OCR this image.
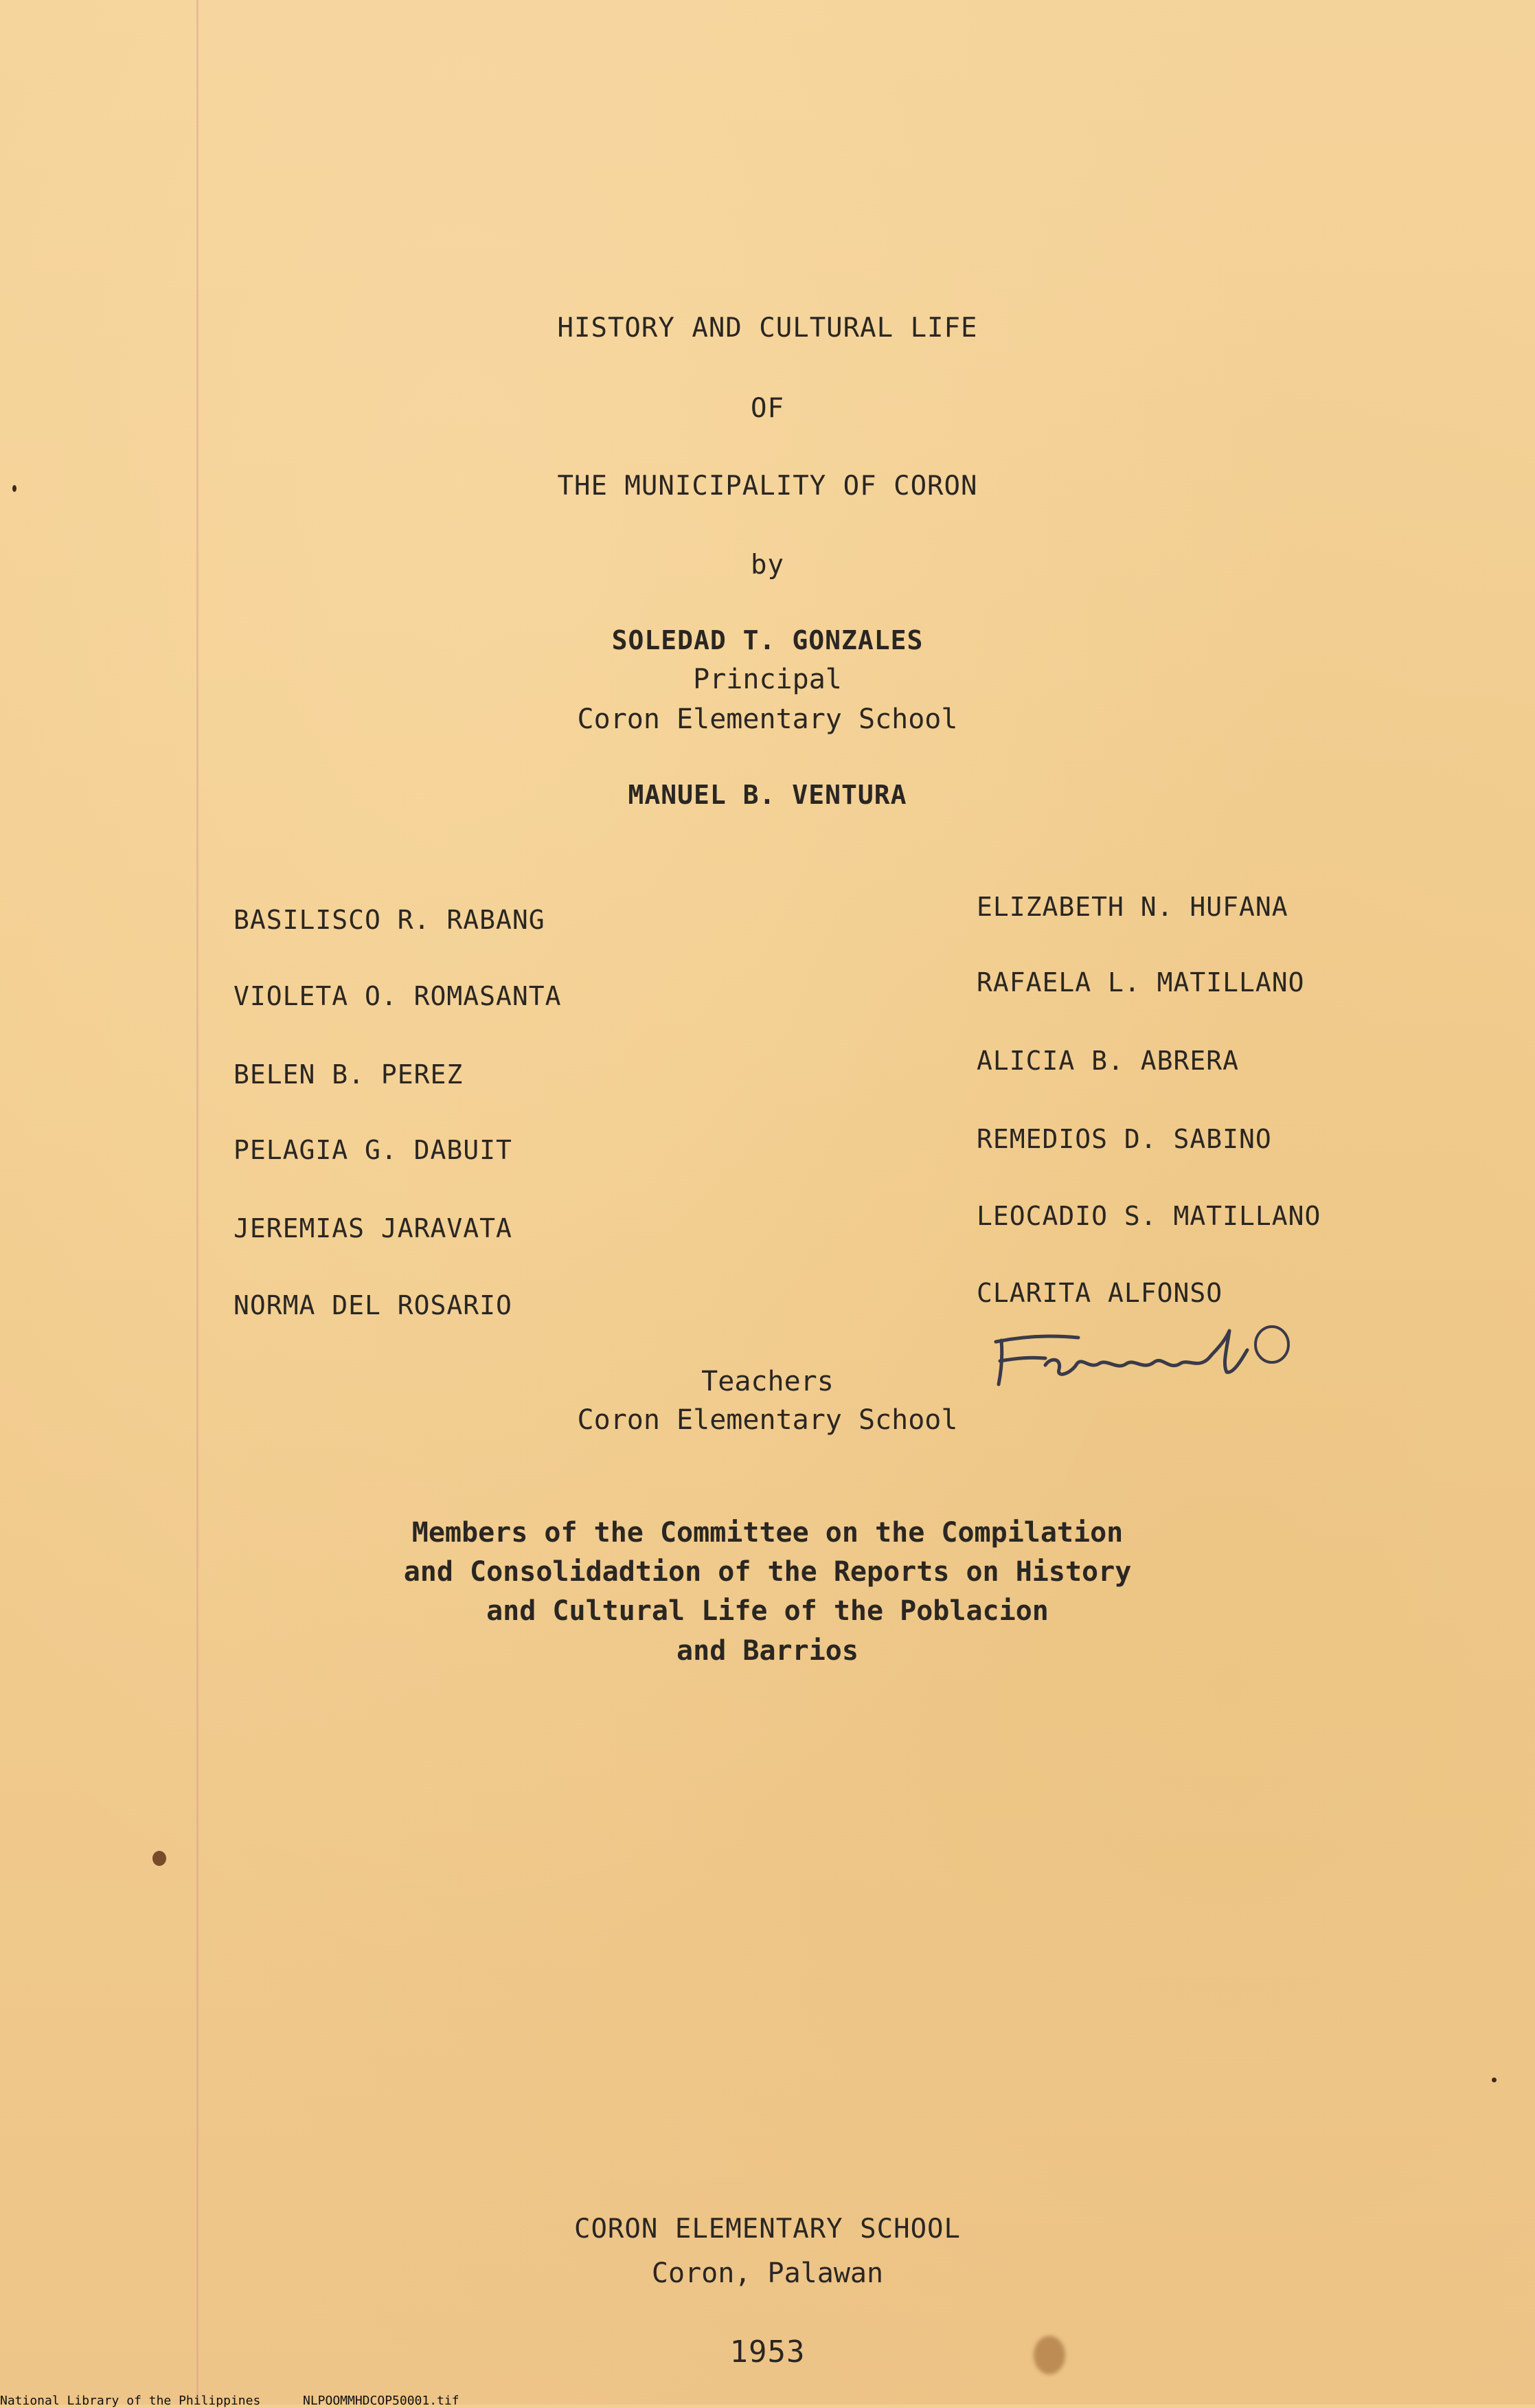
HISTORY AND CULTURAL LIFE
OF
THE MUNICIPALITY OF CORON
by
SOLEDAD T. GONZALES
Principal
Coron Elementary School
MANUEL B. VENTURA
BASILISCO R. RABANG
VIOLETA O. ROMASANTA
BELEN B. PEREZ
PELAGIA G. DABUIT
JEREMIAS JARAVATA
NORMA DEL ROSARIO
ELIZABETH N. HUFANA
RAFAELA L. MATILLANO
ALICIA B. ABRERA
REMEDIOS D. SABINO
LEOCADIO S. MATILLANO
CLARITA ALFONSO
Teachers
Coron Elementary School
Members of the Committee on the Compilation
and Consolidadtion of the Reports on History
and Cultural Life of the Poblacion
and Barrios
CORON ELEMENTARY SCHOOL
Coron, Palawan
1953
National Library of the Philippines	NLPOOMMHDCOP50001.tif
